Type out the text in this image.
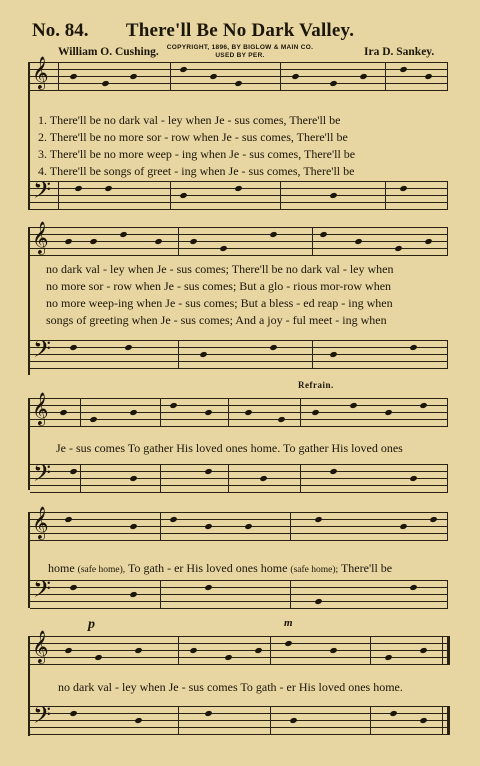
There'll Be No Dark Valley.
No. 84.
William O. Cushing.	COPYRIGHT, 1896, BY BIGLOW & MAIN CO.
USED BY PER.	Ira D. Sankey.
𝄞
1. There'll be no dark val - ley when Je - sus comes, There'll be
2. There'll be no more sor - row when Je - sus comes, There'll be
3. There'll be no more weep - ing when Je - sus comes, There'll be
4. There'll be songs of greet - ing when Je - sus comes, There'll be
𝄢
𝄞
no dark val - ley when Je - sus comes; There'll be no dark val - ley when
no more sor - row when Je - sus comes; But a glo - rious mor-row when
no more weep-ing when Je - sus comes; But a bless - ed reap - ing when
songs of greeting when Je - sus comes; And a joy - ful meet - ing when
𝄢
Refrain.
𝄞
Je - sus comes To gather His loved ones home. To gather His loved ones
𝄢
𝄞
home (safe home), To gath - er His loved ones home (safe home); There'll be
𝄢
p	m
𝄞
no dark val - ley when Je - sus comes To gath - er His loved ones home.
𝄢
